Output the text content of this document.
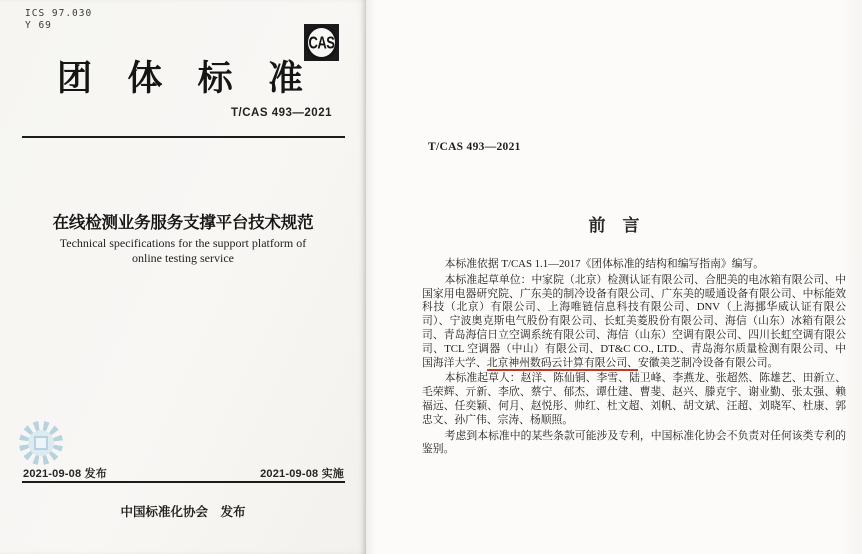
ICS 97.030
Y 69
CAS
团 体 标 准
T/CAS 493—2021
在线检测业务服务支撑平台技术规范
Technical specifications for the support platform of
online testing service
2021-09-08 发布	2021-09-08 实施
中国标准化协会　发布
T/CAS 493—2021
前　言

本标准依据 T/CAS 1.1—2017《团体标准的结构和编写指南》编写。

本标准起草单位：中家院（北京）检测认证有限公司、合肥美的电冰箱有限公司、中国家用电器研究院、广东美的制冷设备有限公司、广东美的暖通设备有限公司、中标能效科技（北京）有限公司、上海唯链信息科技有限公司、DNV（上海挪华威认证有限公司）、宁波奥克斯电气股份有限公司、长虹美菱股份有限公司、海信（山东）冰箱有限公司、青岛海信日立空调系统有限公司、海信（山东）空调有限公司、四川长虹空调有限公司、TCL 空调器（中山）有限公司、DT&C CO., LTD.、青岛海尔质量检测有限公司、中国海洋大学、北京神州数码云计算有限公司、安徽美芝制冷设备有限公司。

本标准起草人：赵洋、陈仙铜、李雪、陆卫峰、李燕龙、张超然、陈雄艺、田新立、毛荣辉、亓新、李欣、蔡宁、郁杰、谭仕建、曹斐、赵兴、滕克宇、谢业勤、张太强、赖福远、任奕颖、何月、赵悦彤、帅红、杜文超、刘帆、胡文斌、汪超、刘晓军、杜康、郭忠文、孙广伟、宗涛、杨顺照。

考虑到本标准中的某些条款可能涉及专利，中国标准化协会不负责对任何该类专利的鉴别。
